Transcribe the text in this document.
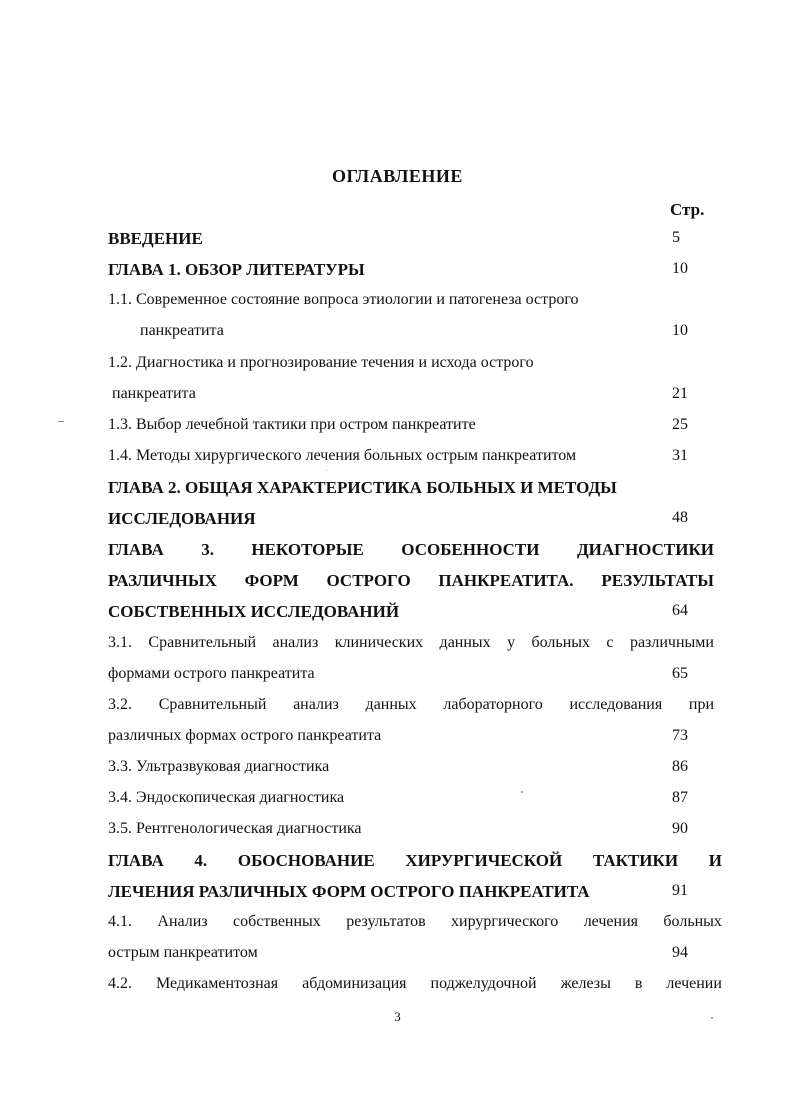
ОГЛАВЛЕНИЕ
Стр.
ВВЕДЕНИЕ	5
ГЛАВА 1. ОБЗОР ЛИТЕРАТУРЫ	10
1.1. Современное состояние вопроса этиологии и патогенеза острого
панкреатита	10
1.2. Диагностика и прогнозирование течения и исхода острого
панкреатита	21
1.3. Выбор лечебной тактики при остром панкреатите	25
1.4. Методы хирургического лечения больных острым панкреатитом	31
ГЛАВА 2. ОБЩАЯ ХАРАКТЕРИСТИКА БОЛЬНЫХ И МЕТОДЫ
ИССЛЕДОВАНИЯ	48
ГЛАВА 3. НЕКОТОРЫЕ ОСОБЕННОСТИ ДИАГНОСТИКИ
РАЗЛИЧНЫХ ФОРМ ОСТРОГО ПАНКРЕАТИТА. РЕЗУЛЬТАТЫ
СОБСТВЕННЫХ ИССЛЕДОВАНИЙ	64
3.1. Сравнительный анализ клинических данных у больных с различными
формами острого панкреатита	65
3.2. Сравнительный анализ данных лабораторного исследования при
различных формах острого панкреатита	73
3.3. Ультразвуковая диагностика	86
3.4. Эндоскопическая диагностика	87
3.5. Рентгенологическая диагностика	90
ГЛАВА 4. ОБОСНОВАНИЕ ХИРУРГИЧЕСКОЙ ТАКТИКИ И
ЛЕЧЕНИЯ РАЗЛИЧНЫХ ФОРМ ОСТРОГО ПАНКРЕАТИТА	91
4.1. Анализ собственных результатов хирургического лечения больных
острым панкреатитом	94
4.2. Медикаментозная абдоминизация поджелудочной железы в лечении
3
